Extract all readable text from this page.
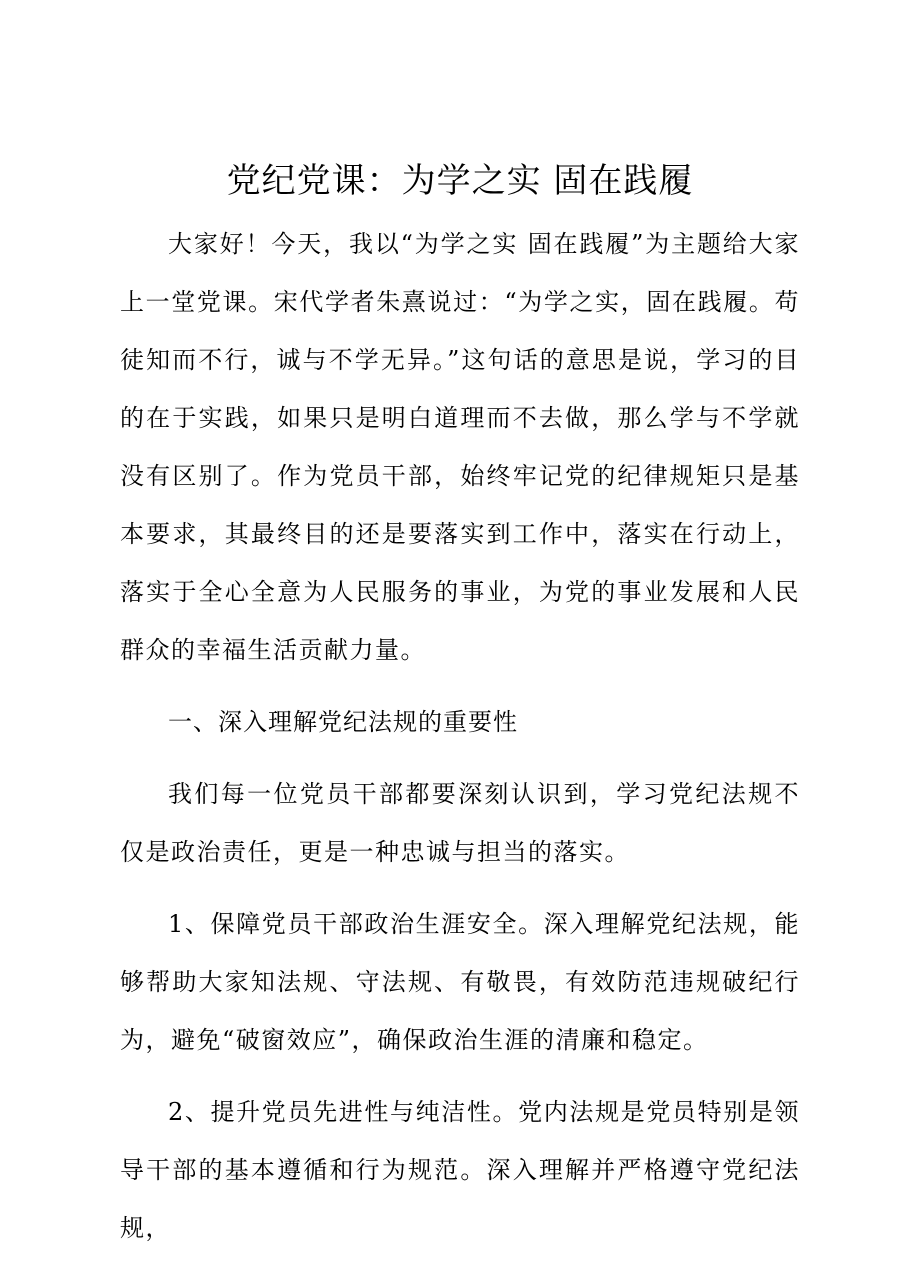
党纪党课：为学之实 固在践履

大家好！今天，我以“为学之实 固在践履”为主题给大家上一堂党课。宋代学者朱熹说过：“为学之实，固在践履。苟徒知而不行，诚与不学无异。”这句话的意思是说，学习的目的在于实践，如果只是明白道理而不去做，那么学与不学就没有区别了。作为党员干部，始终牢记党的纪律规矩只是基本要求，其最终目的还是要落实到工作中，落实在行动上，落实于全心全意为人民服务的事业，为党的事业发展和人民群众的幸福生活贡献力量。

一、深入理解党纪法规的重要性

我们每一位党员干部都要深刻认识到，学习党纪法规不仅是政治责任，更是一种忠诚与担当的落实。

1、保障党员干部政治生涯安全。深入理解党纪法规，能够帮助大家知法规、守法规、有敬畏，有效防范违规破纪行为，避免“破窗效应”，确保政治生涯的清廉和稳定。

2、提升党员先进性与纯洁性。党内法规是党员特别是领导干部的基本遵循和行为规范。深入理解并严格遵守党纪法规，
